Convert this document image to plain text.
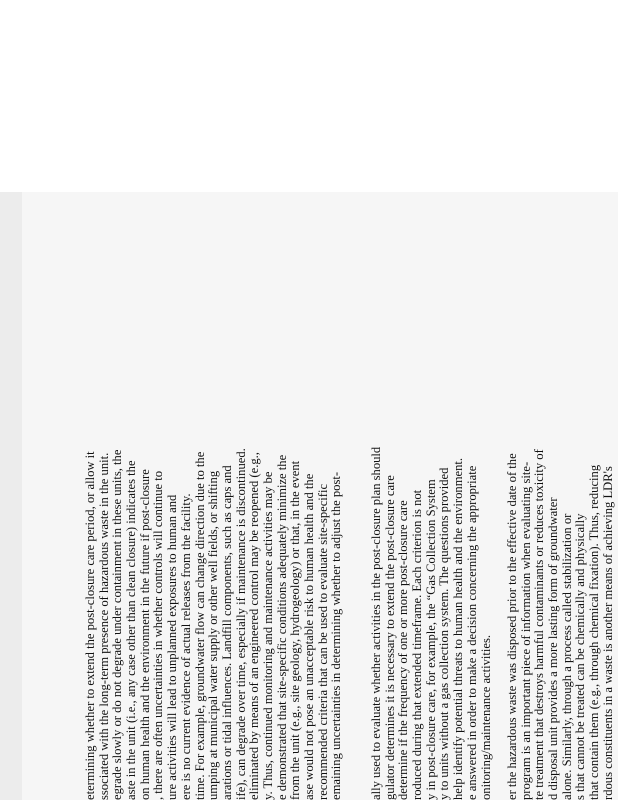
etermining whether to extend the post-closure care period, or allow it ssociated with the long-term presence of hazardous waste in the unit. egrade slowly or do not degrade under containment in these units, the aste in the unit (i.e., any case other than clean closure) indicates the on human health and the environment in the future if post-closure , there are often uncertainties in whether controls will continue to ure activities will lead to unplanned exposures to human and ere is no current evidence of actual releases from the facility. time. For example, groundwater flow can change direction due to the umping at municipal water supply or other well fields, or shifting arations or tidal influences. Landfill components, such as caps and ife), can degrade over time, especially if maintenance is discontinued. eliminated by means of an engineered control may be reopened (e.g., y. Thus, continued monitoring and maintenance activities may be e demonstrated that site-specific conditions adequately minimize the from the unit (e.g., site geology, hydrogeology) or that, in the event ase would not pose an unacceptable risk to human health and the recommended criteria that can be used to evaluate site-specific emaining uncertainties in determining whether to adjust the post- ally used to evaluate whether activities in the post-closure plan should gulator determines it is necessary to extend the post-closure care determine if the frequency of one or more post-closure care roduced during that extended timeframe. Each criterion is not y in post-closure care, for example, the “Gas Collection System y to units without a gas collection system. The questions provided help identify potential threats to human health and the environment. e answered in order to make a decision concerning the appropriate onitoring/maintenance activities. er the hazardous waste was disposed prior to the effective date of the program is an important piece of information when evaluating site- te treatment that destroys harmful contaminants or reduces toxicity of d disposal unit provides a more lasting form of groundwater alone. Similarly, through a process called stabilization or s that cannot be treated can be chemically and physically that contain them (e.g., through chemical fixation). Thus, reducing rdous constituents in a waste is another means of achieving LDR's
